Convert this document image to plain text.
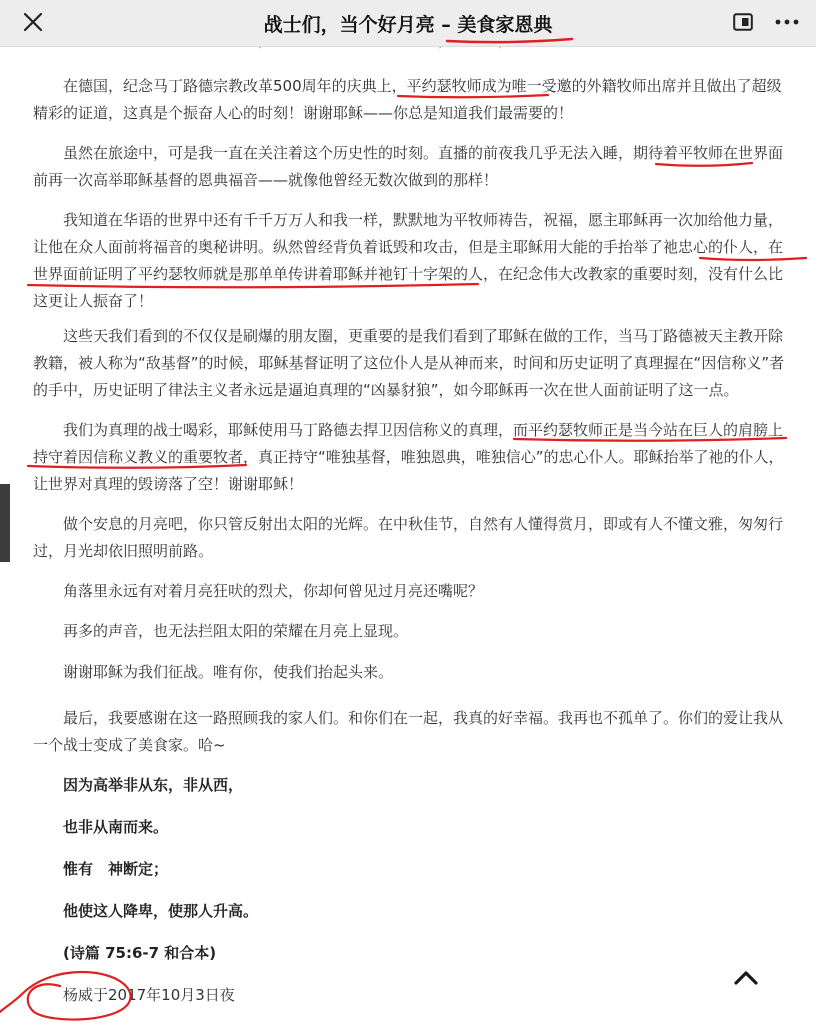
在德国，纪念马丁路德宗教改革500周年的庆典上，平约瑟牧师成为唯一受邀的外籍牧师出席并且做出了超级精彩的证道，这真是个振奋人心的时刻！谢谢耶稣——你总是知道我们最需要的！

虽然在旅途中，可是我一直在关注着这个历史性的时刻。直播的前夜我几乎无法入睡，期待着平牧师在世界面前再一次高举耶稣基督的恩典福音——就像他曾经无数次做到的那样！

我知道在华语的世界中还有千千万万人和我一样，默默地为平牧师祷告，祝福，愿主耶稣再一次加给他力量，让他在众人面前将福音的奥秘讲明。纵然曾经背负着诋毁和攻击，但是主耶稣用大能的手抬举了祂忠心的仆人，在世界面前证明了平约瑟牧师就是那单单传讲着耶稣并祂钉十字架的人，在纪念伟大改教家的重要时刻，没有什么比这更让人振奋了！

这些天我们看到的不仅仅是刷爆的朋友圈，更重要的是我们看到了耶稣在做的工作，当马丁路德被天主教开除教籍，被人称为“敌基督”的时候，耶稣基督证明了这位仆人是从神而来，时间和历史证明了真理握在“因信称义”者的手中，历史证明了律法主义者永远是逼迫真理的“凶暴豺狼”，如今耶稣再一次在世人面前证明了这一点。

我们为真理的战士喝彩，耶稣使用马丁路德去捍卫因信称义的真理，而平约瑟牧师正是当今站在巨人的肩膀上持守着因信称义教义的重要牧者，真正持守“唯独基督，唯独恩典，唯独信心”的忠心仆人。耶稣抬举了祂的仆人，让世界对真理的毁谤落了空！谢谢耶稣！

做个安息的月亮吧，你只管反射出太阳的光辉。在中秋佳节，自然有人懂得赏月，即或有人不懂文雅，匆匆行过，月光却依旧照明前路。

角落里永远有对着月亮狂吠的烈犬，你却何曾见过月亮还嘴呢？

再多的声音，也无法拦阻太阳的荣耀在月亮上显现。

谢谢耶稣为我们征战。唯有你，使我们抬起头来。

最后，我要感谢在这一路照顾我的家人们。和你们在一起，我真的好幸福。我再也不孤单了。你们的爱让我从一个战士变成了美食家。哈~

因为高举非从东，非从西，

也非从南而来。

惟有　神断定；

他使这人降卑，使那人升高。

(诗篇 75:6-7 和合本)

杨威于2017年10月3日夜

战士们，当个好月亮 – 美食家恩典
